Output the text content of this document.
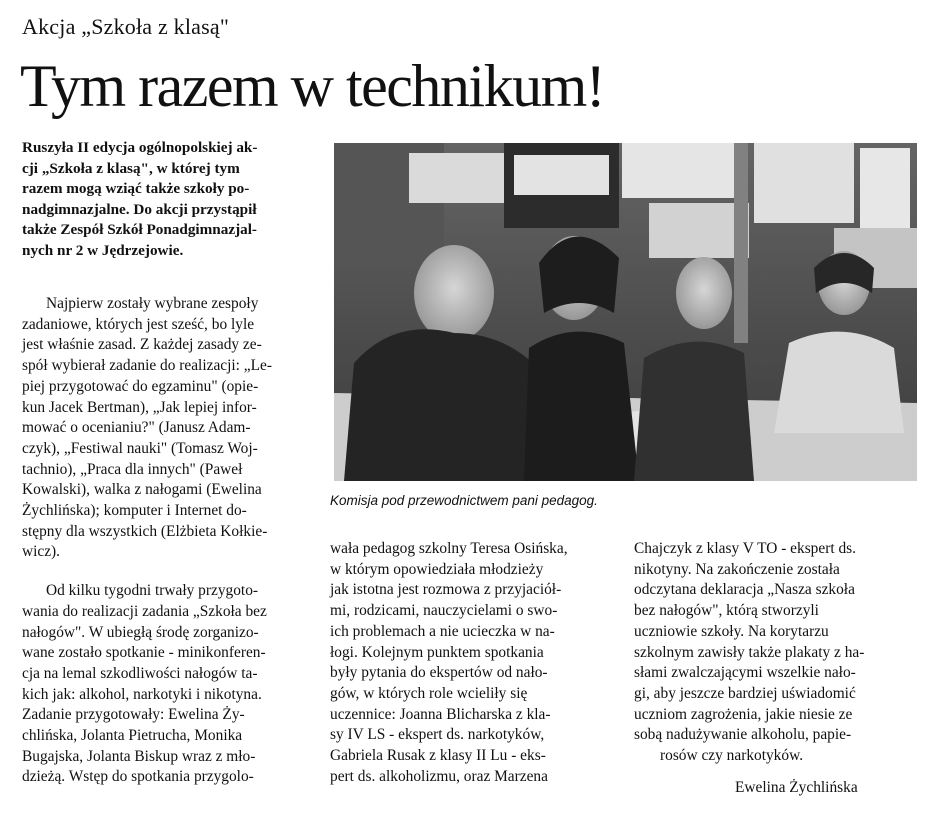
Akcja „Szkoła z klasą"
Tym razem w technikum!

Ruszyła II edycja ogólnopolskiej ak-

cji „Szkoła z klasą", w której tym

razem mogą wziąć także szkoły po-

nadgimnazjalne. Do akcji przystąpił

także Zespół Szkół Ponadgimnazjal-

nych nr 2 w Jędrzejowie.

Najpierw zostały wybrane zespoły

zadaniowe, których jest sześć, bo lyle

jest właśnie zasad. Z każdej zasady ze-

spół wybierał zadanie do realizacji: „Le-

piej przygotować do egzaminu" (opie-

kun Jacek Bertman), „Jak lepiej infor-

mować o ocenianiu?" (Janusz Adam-

czyk), „Festiwal nauki" (Tomasz Woj-

tachnio), „Praca dla innych" (Paweł

Kowalski), walka z nałogami (Ewelina

Żychlińska); komputer i Internet do-

stępny dla wszystkich (Elżbieta Kołkie-

wicz).

Od kilku tygodni trwały przygoto-

wania do realizacji zadania „Szkoła bez

nałogów". W ubiegłą środę zorganizo-

wane zostało spotkanie - minikonferen-

cja na lemal szkodliwości nałogów ta-

kich jak: alkohol, narkotyki i nikotyna.

Zadanie przygotowały: Ewelina Ży-

chlińska, Jolanta Pietrucha, Monika

Bugajska, Jolanta Biskup wraz z mło-

dzieżą. Wstęp do spotkania przygolo-

Komisja pod przewodnictwem pani pedagog.

wała pedagog szkolny Teresa Osińska,

w którym opowiedziała młodzieży

jak istotna jest rozmowa z przyjaciół-

mi, rodzicami, nauczycielami o swo-

ich problemach a nie ucieczka w na-

łogi. Kolejnym punktem spotkania

były pytania do ekspertów od nało-

gów, w których role wcieliły się

uczennice: Joanna Blicharska z kla-

sy IV LS - ekspert ds. narkotyków,

Gabriela Rusak z klasy II Lu - eks-

pert ds. alkoholizmu, oraz Marzena

Chajczyk z klasy V TO - ekspert ds.

nikotyny. Na zakończenie została

odczytana deklaracja „Nasza szkoła

bez nałogów", którą stworzyli

uczniowie szkoły. Na korytarzu

szkolnym zawisły także plakaty z ha-

słami zwalczającymi wszelkie nało-

gi, aby jeszcze bardziej uświadomić

uczniom zagrożenia, jakie niesie ze

sobą nadużywanie alkoholu, papie-

rosów czy narkotyków.

Ewelina Żychlińska
